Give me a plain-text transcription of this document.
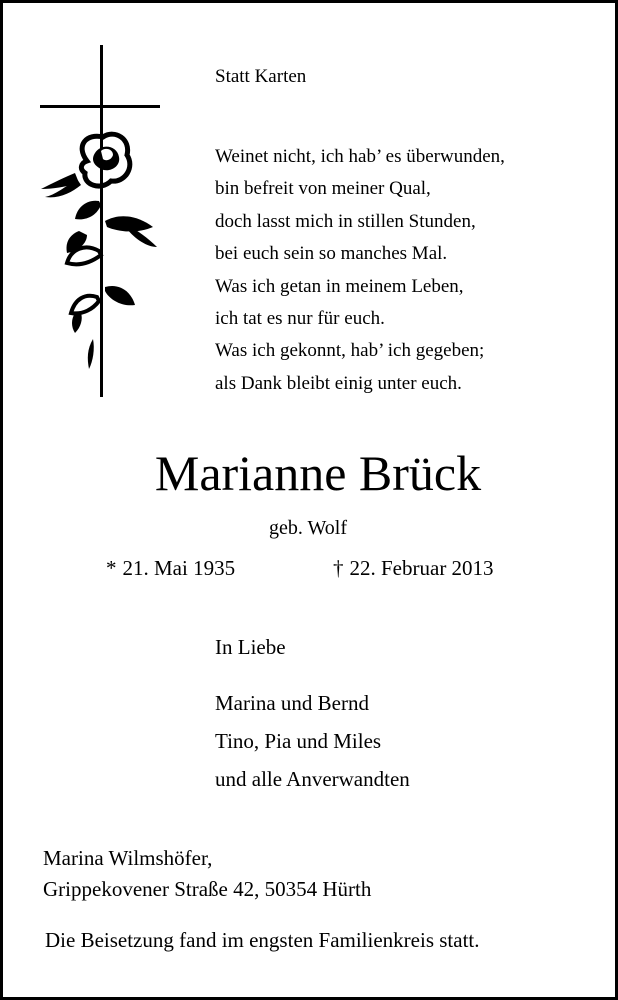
Statt Karten
Weinet nicht, ich hab’ es überwunden,
bin befreit von meiner Qual,
doch lasst mich in stillen Stunden,
bei euch sein so manches Mal.
Was ich getan in meinem Leben,
ich tat es nur für euch.
Was ich gekonnt, hab’ ich gegeben;
als Dank bleibt einig unter euch.
Marianne Brück
geb. Wolf
* 21. Mai 1935	† 22. Februar 2013
In Liebe
Marina und Bernd
Tino, Pia und Miles
und alle Anverwandten
Marina Wilmshöfer,
Grippekovener Straße 42, 50354 Hürth
Die Beisetzung fand im engsten Familienkreis statt.
